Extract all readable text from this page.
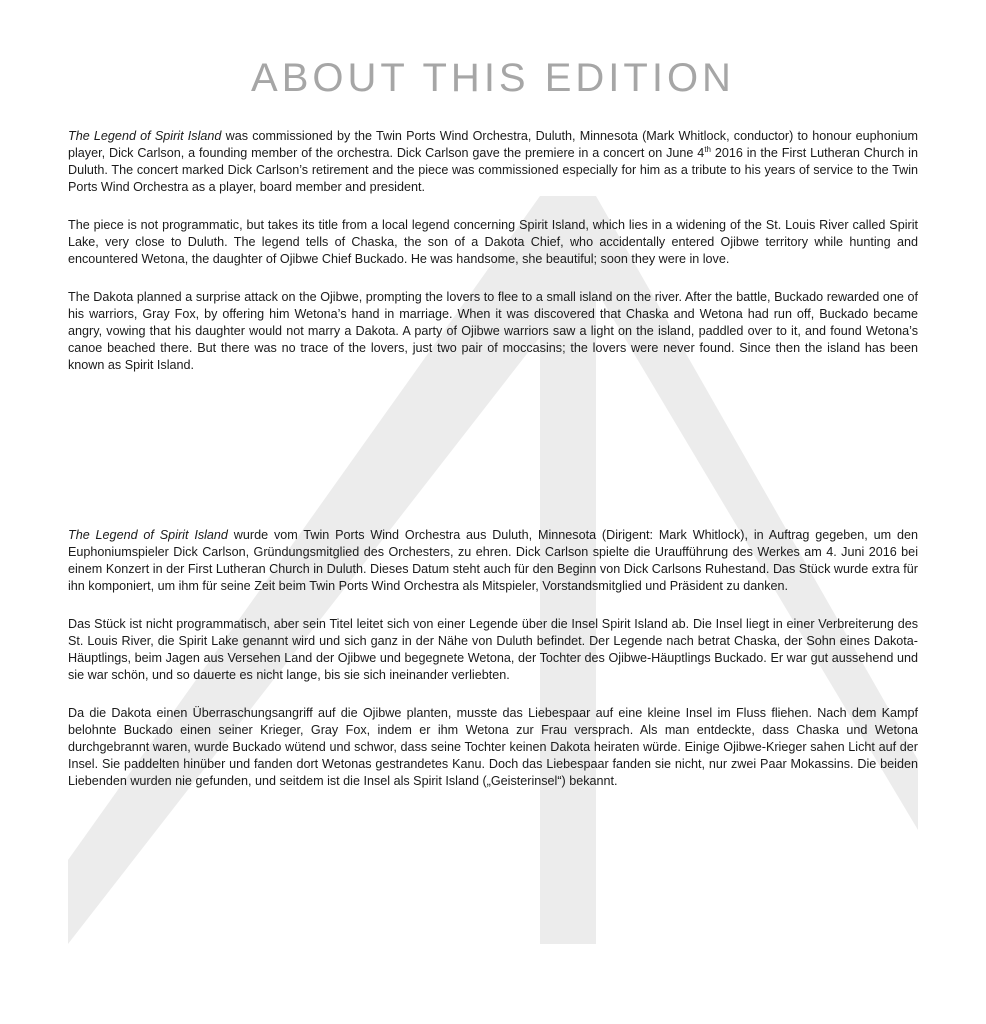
ABOUT THIS EDITION

The Legend of Spirit Island was commissioned by the Twin Ports Wind Orchestra, Duluth, Minnesota (Mark Whitlock, conductor) to honour euphonium player, Dick Carlson, a founding member of the orchestra. Dick Carlson gave the premiere in a concert on June 4th 2016 in the First Lutheran Church in Duluth. The concert marked Dick Carlson’s retirement and the piece was commissioned especially for him as a tribute to his years of service to the Twin Ports Wind Orchestra as a player, board member and president.

The piece is not programmatic, but takes its title from a local legend concerning Spirit Island, which lies in a widening of the St. Louis River called Spirit Lake, very close to Duluth. The legend tells of Chaska, the son of a Dakota Chief, who accidentally entered Ojibwe territory while hunting and encountered Wetona, the daughter of Ojibwe Chief Buckado. He was handsome, she beautiful; soon they were in love.

The Dakota planned a surprise attack on the Ojibwe, prompting the lovers to flee to a small island on the river. After the battle, Buckado rewarded one of his warriors, Gray Fox, by offering him Wetona’s hand in marriage. When it was discovered that Chaska and Wetona had run off, Buckado became angry, vowing that his daughter would not marry a Dakota. A party of Ojibwe warriors saw a light on the island, paddled over to it, and found Wetona’s canoe beached there. But there was no trace of the lovers, just two pair of moccasins; the lovers were never found. Since then the island has been known as Spirit Island.

The Legend of Spirit Island wurde vom Twin Ports Wind Orchestra aus Duluth, Minnesota (Dirigent: Mark Whitlock), in Auftrag gegeben, um den Euphoniumspieler Dick Carlson, Gründungsmitglied des Orchesters, zu ehren. Dick Carlson spielte die Uraufführung des Werkes am 4. Juni 2016 bei einem Konzert in der First Lutheran Church in Duluth. Dieses Datum steht auch für den Beginn von Dick Carlsons Ruhestand. Das Stück wurde extra für ihn komponiert, um ihm für seine Zeit beim Twin Ports Wind Orchestra als Mitspieler, Vorstandsmitglied und Präsident zu danken.

Das Stück ist nicht programmatisch, aber sein Titel leitet sich von einer Legende über die Insel Spirit Island ab. Die Insel liegt in einer Verbreiterung des St. Louis River, die Spirit Lake genannt wird und sich ganz in der Nähe von Duluth befindet. Der Legende nach betrat Chaska, der Sohn eines Dakota-Häuptlings, beim Jagen aus Versehen Land der Ojibwe und begegnete Wetona, der Tochter des Ojibwe-Häuptlings Buckado. Er war gut aussehend und sie war schön, und so dauerte es nicht lange, bis sie sich ineinander verliebten.

Da die Dakota einen Überraschungsangriff auf die Ojibwe planten, musste das Liebespaar auf eine kleine Insel im Fluss fliehen. Nach dem Kampf belohnte Buckado einen seiner Krieger, Gray Fox, indem er ihm Wetona zur Frau versprach. Als man entdeckte, dass Chaska und Wetona durchgebrannt waren, wurde Buckado wütend und schwor, dass seine Tochter keinen Dakota heiraten würde. Einige Ojibwe-Krieger sahen Licht auf der Insel. Sie paddelten hinüber und fanden dort Wetonas gestrandetes Kanu. Doch das Liebespaar fanden sie nicht, nur zwei Paar Mokassins. Die beiden Liebenden wurden nie gefunden, und seitdem ist die Insel als Spirit Island („Geisterinsel“) bekannt.
